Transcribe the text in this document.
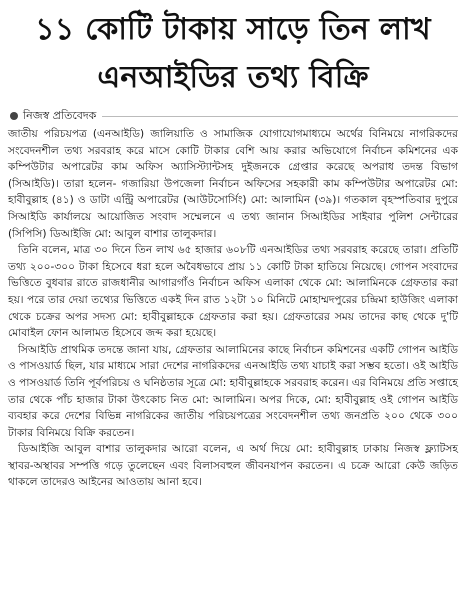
১১ কোটি টাকায় সাড়ে তিন লাখ
এনআইডির তথ্য বিক্রি
নিজস্ব প্রতিবেদক

জাতীয় পরিচয়পত্র (এনআইডি) জালিয়াতি ও সামাজিক যোগাযোগমাধ্যমে অর্থের বিনিময়ে নাগরিকদের সংবেদনশীল তথ্য সরবরাহ করে মাসে কোটি টাকার বেশি আয় করার অভিযোগে নির্বাচন কমিশনের এক কম্পিউটার অপারেটর কাম অফিস অ্যাসিস্ট্যান্টসহ দুইজনকে গ্রেপ্তার করেছে অপরাধ তদন্ত বিভাগ (সিআইডি)। তারা হলেন- গজারিয়া উপজেলা নির্বাচন অফিসের সহকারী কাম কম্পিউটার অপারেটর মো: হাবীবুল্লাহ (৪১) ও ডাটা এন্ট্রি অপারেটর (আউটসোর্সিং) মো: আলামিন (৩৯)। গতকাল বৃহস্পতিবার দুপুরে সিআইডি কার্যালয়ে আয়োজিত সংবাদ সম্মেলনে এ তথ্য জানান সিআইডির সাইবার পুলিশ সেন্টারের (সিপিসি) ডিআইজি মো: আবুল বাশার তালুকদার।

তিনি বলেন, মাত্র ৩০ দিনে তিন লাখ ৬৫ হাজার ৬০৮টি এনআইডির তথ্য সরবরাহ করেছে তারা। প্রতিটি তথ্য ২০০-৩০০ টাকা হিসেবে ধরা হলে অবৈধভাবে প্রায় ১১ কোটি টাকা হাতিয়ে নিয়েছে। গোপন সংবাদের ভিত্তিতে বুধবার রাতে রাজধানীর আগারগাঁও নির্বাচন অফিস এলাকা থেকে মো: আলামিনকে গ্রেফতার করা হয়। পরে তার দেয়া তথ্যের ভিত্তিতে একই দিন রাত ১২টা ১০ মিনিটে মোহাম্মদপুরের চন্দ্রিমা হাউজিং এলাকা থেকে চক্রের অপর সদস্য মো: হাবীবুল্লাহকে গ্রেফতার করা হয়। গ্রেফতারের সময় তাদের কাছ থেকে দু'টি মোবাইল ফোন আলামত হিসেবে জব্দ করা হয়েছে।

সিআইডি প্রাথমিক তদন্তে জানা যায়, গ্রেফতার আলামিনের কাছে নির্বাচন কমিশনের একটি গোপন আইডি ও পাসওয়ার্ড ছিল, যার মাধ্যমে সারা দেশের নাগরিকদের এনআইডি তথ্য যাচাই করা সম্ভব হতো। ওই আইডি ও পাসওয়ার্ড তিনি পূর্বপরিচয় ও ঘনিষ্ঠতার সূত্রে মো: হাবীবুল্লাহকে সরবরাহ করেন। এর বিনিময়ে প্রতি সপ্তাহে তার থেকে পাঁচ হাজার টাকা উৎকোচ নিত মো: আলামিন। অপর দিকে, মো: হাবীবুল্লাহ ওই গোপন আইডি ব্যবহার করে দেশের বিভিন্ন নাগরিকের জাতীয় পরিচয়পত্রের সংবেদনশীল তথ্য জনপ্রতি ২০০ থেকে ৩০০ টাকার বিনিময়ে বিক্রি করতেন।

ডিআইজি আবুল বাশার তালুকদার আরো বলেন, এ অর্থ দিয়ে মো: হাবীবুল্লাহ ঢাকায় নিজস্ব ফ্ল্যাটসহ স্থাবর-অস্থাবর সম্পত্তি গড়ে তুলেছেন এবং বিলাসবহুল জীবনযাপন করতেন। এ চক্রে আরো কেউ জড়িত থাকলে তাদেরও আইনের আওতায় আনা হবে।
